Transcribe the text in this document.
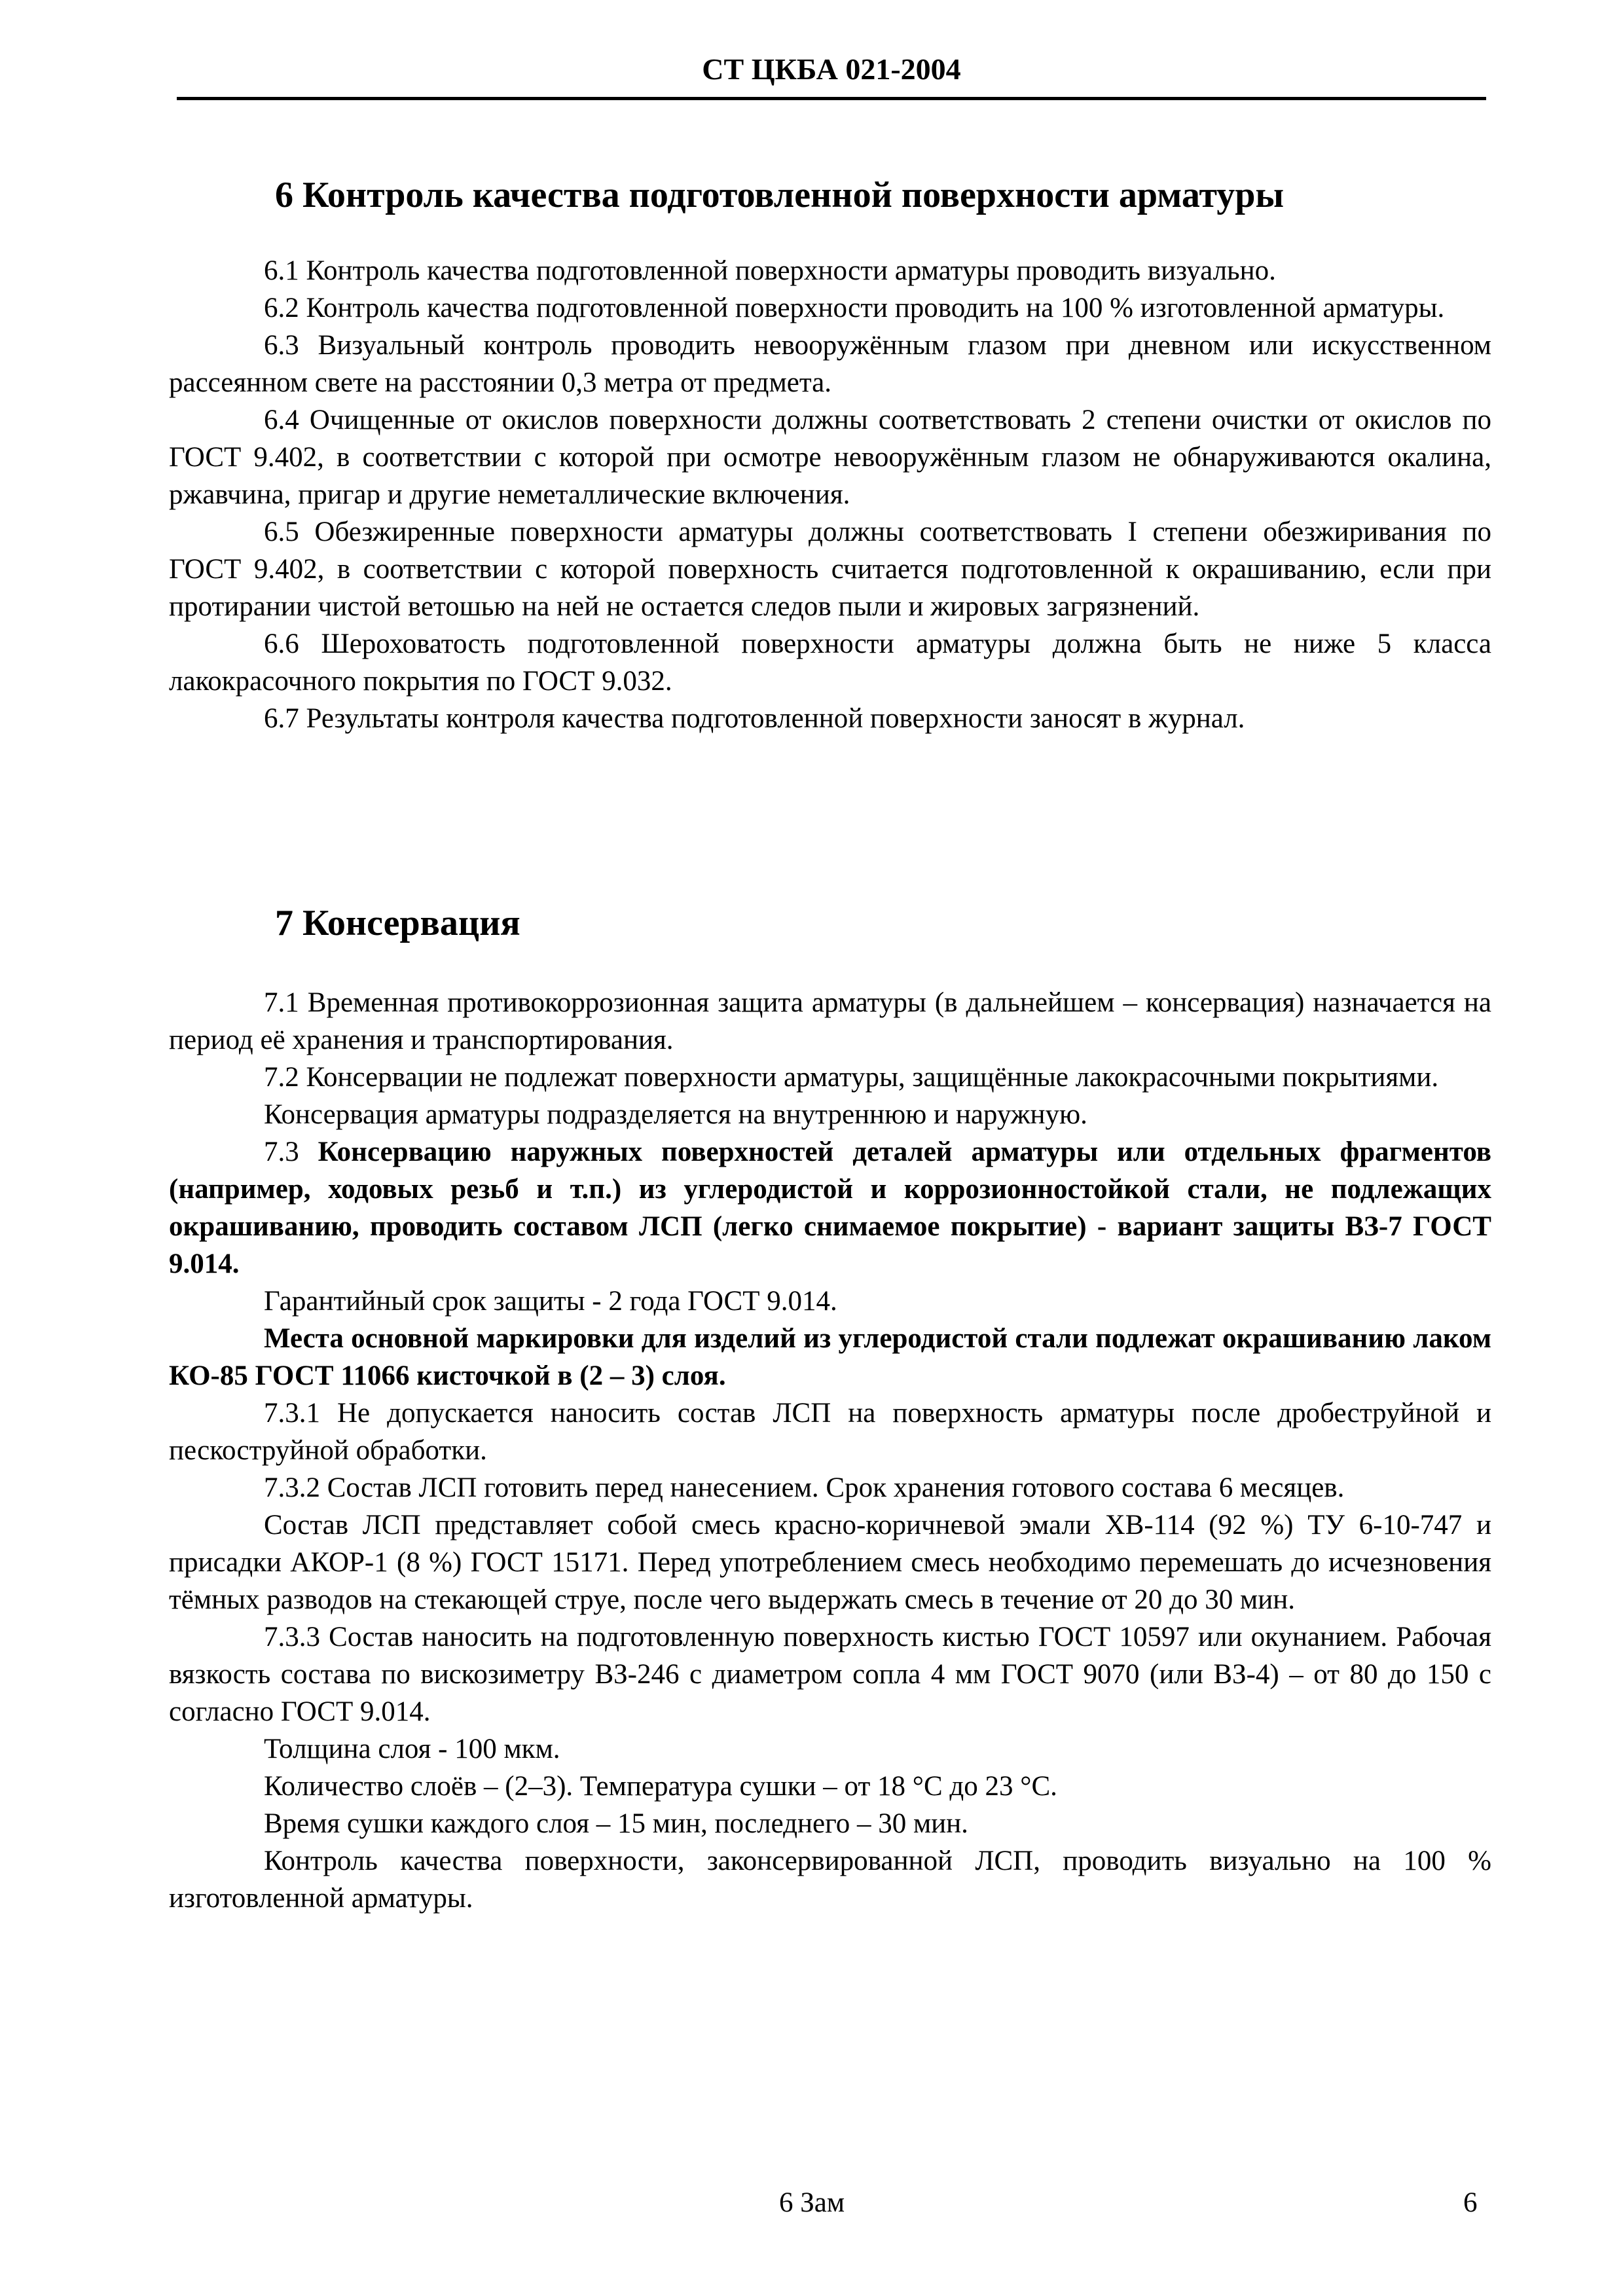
СТ ЦКБА 021-2004
6 Контроль качества подготовленной поверхности арматуры

6.1 Контроль качества подготовленной поверхности арматуры проводить визуально.

6.2 Контроль качества подготовленной поверхности проводить на 100 % изготовленной арматуры.

6.3 Визуальный контроль проводить невооружённым глазом при дневном или искусственном рассеянном свете на расстоянии 0,3 метра от предмета.

6.4 Очищенные от окислов поверхности должны соответствовать 2 степени очистки от окислов по ГОСТ 9.402, в соответствии с которой при осмотре невооружённым глазом не обнаруживаются окалина, ржавчина, пригар и другие неметаллические включения.

6.5 Обезжиренные поверхности арматуры должны соответствовать I степени обезжиривания по ГОСТ 9.402, в соответствии с которой поверхность считается подготовленной к окрашиванию, если при протирании чистой ветошью на ней не остается следов пыли и жировых загрязнений.

6.6 Шероховатость подготовленной поверхности арматуры должна быть не ниже 5 класса лакокрасочного покрытия по ГОСТ 9.032.

6.7 Результаты контроля качества подготовленной поверхности заносят в журнал.

7 Консервация

7.1 Временная противокоррозионная защита арматуры (в дальнейшем – консервация) назначается на период её хранения и транспортирования.

7.2 Консервации не подлежат поверхности арматуры, защищённые лакокрасочными покрытиями.

Консервация арматуры подразделяется на внутреннюю и наружную.

7.3 Консервацию наружных поверхностей деталей арматуры или отдельных фрагментов (например, ходовых резьб и т.п.) из углеродистой и коррозионностойкой стали, не подлежащих окрашиванию, проводить составом ЛСП (легко снимаемое покрытие) - вариант защиты ВЗ-7 ГОСТ 9.014.

Гарантийный срок защиты - 2 года ГОСТ 9.014.

Места основной маркировки для изделий из углеродистой стали подлежат окрашиванию лаком КО-85 ГОСТ 11066 кисточкой в (2 – 3) слоя.

7.3.1 Не допускается наносить состав ЛСП на поверхность арматуры после дробеструйной и пескоструйной обработки.

7.3.2 Состав ЛСП готовить перед нанесением. Срок хранения готового состава 6 месяцев.

Состав ЛСП представляет собой смесь красно-коричневой эмали ХВ-114 (92 %) ТУ 6-10-747 и присадки АКОР-1 (8 %) ГОСТ 15171. Перед употреблением смесь необходимо перемешать до исчезновения тёмных разводов на стекающей струе, после чего выдержать смесь в течение от 20 до 30 мин.

7.3.3 Состав наносить на подготовленную поверхность кистью ГОСТ 10597 или окунанием. Рабочая вязкость состава по вискозиметру ВЗ-246 с диаметром сопла 4 мм ГОСТ 9070 (или ВЗ-4) – от 80 до 150 с согласно ГОСТ 9.014.

Толщина слоя - 100 мкм.

Количество слоёв – (2–3). Температура сушки – от 18 °С до 23 °С.

Время сушки каждого слоя – 15 мин, последнего – 30 мин.

Контроль качества поверхности, законсервированной ЛСП, проводить визуально на 100 % изготовленной арматуры.

6 Зам	6
